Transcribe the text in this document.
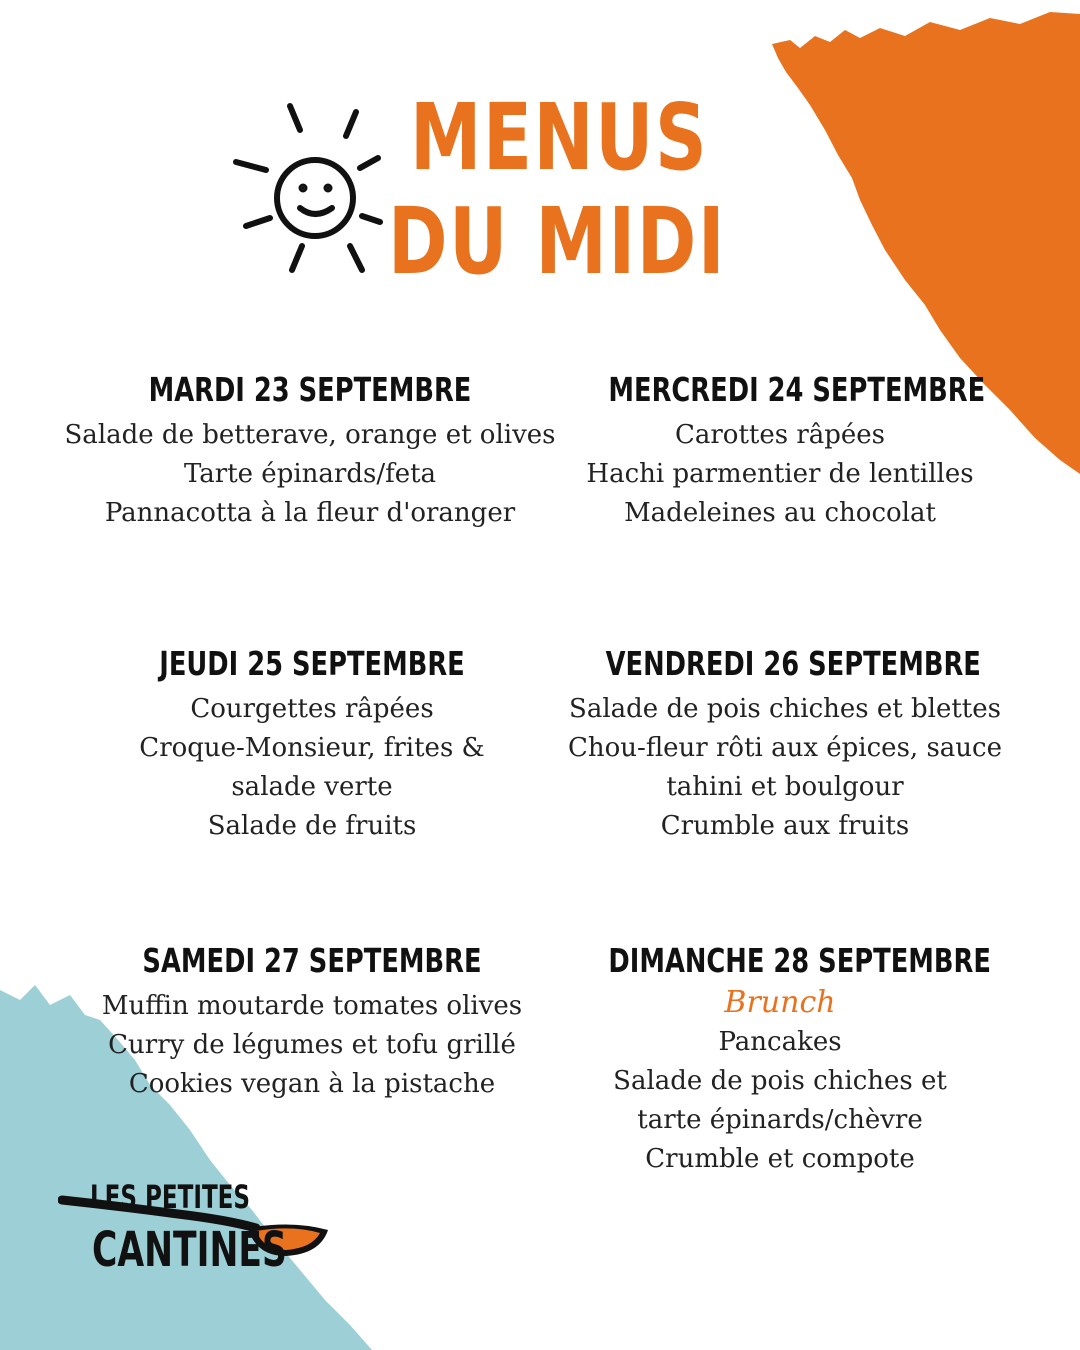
MENUS
DU MIDI
MARDI 23 SEPTEMBRE
Salade de betterave, orange et olives
Tarte épinards/feta
Pannacotta à la fleur d'oranger
MERCREDI 24 SEPTEMBRE
Carottes râpées
Hachi parmentier de lentilles
Madeleines au chocolat
JEUDI 25 SEPTEMBRE
Courgettes râpées
Croque-Monsieur, frites &
salade verte
Salade de fruits
VENDREDI 26 SEPTEMBRE
Salade de pois chiches et blettes
Chou-fleur rôti aux épices, sauce
tahini et boulgour
Crumble aux fruits
SAMEDI 27 SEPTEMBRE
Muffin moutarde tomates olives
Curry de légumes et tofu grillé
Cookies vegan à la pistache
DIMANCHE 28 SEPTEMBRE
Brunch
Pancakes
Salade de pois chiches et
tarte épinards/chèvre
Crumble et compote
LES PETITES
CANTINES
